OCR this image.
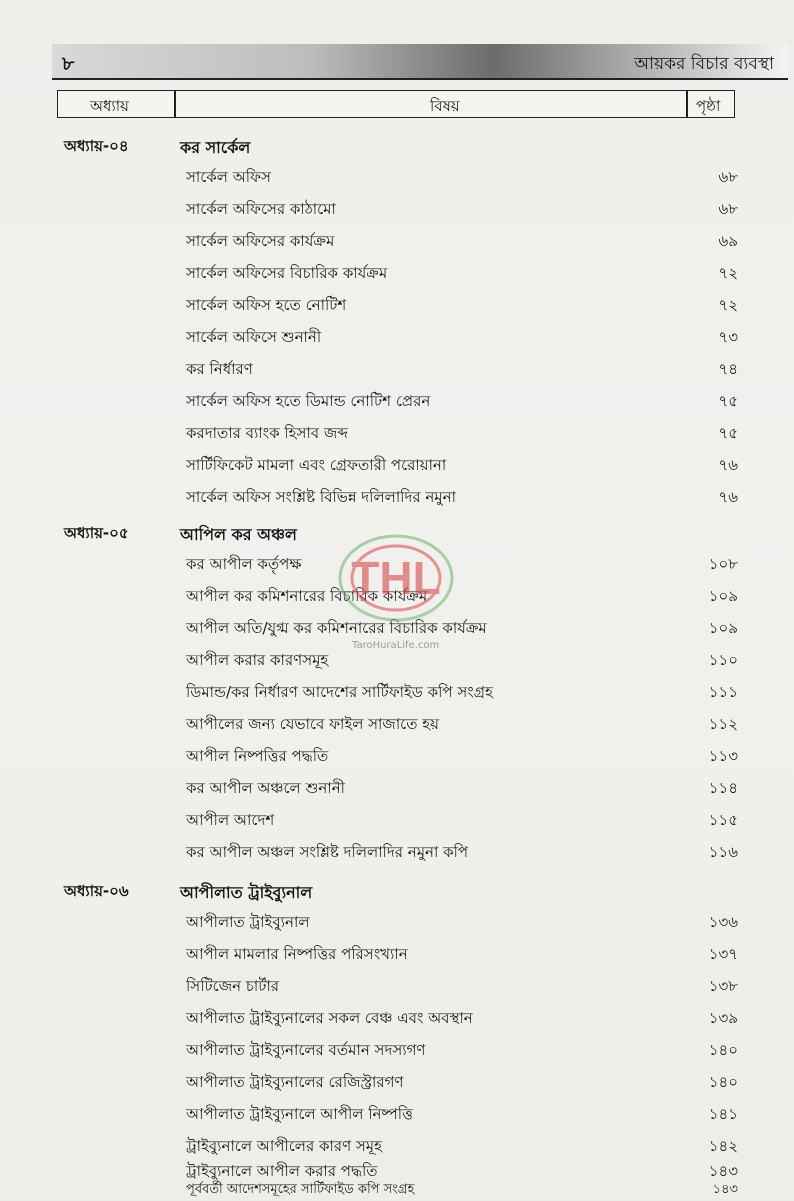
৮	আয়কর বিচার ব্যবস্থা
অধ্যায়	বিষয়	পৃষ্ঠা
অধ্যায়-০৪	কর সার্কেল
সার্কেল অফিস	৬৮
সার্কেল অফিসের কাঠামো	৬৮
সার্কেল অফিসের কার্যক্রম	৬৯
সার্কেল অফিসের বিচারিক কার্যক্রম	৭২
সার্কেল অফিস হতে নোটিশ	৭২
সার্কেল অফিসে শুনানী	৭৩
কর নির্ধারণ	৭৪
সার্কেল অফিস হতে ডিমান্ড নোটিশ প্রেরন	৭৫
করদাতার ব্যাংক হিসাব জব্দ	৭৫
সার্টিফিকেট মামলা এবং গ্রেফতারী পরোয়ানা	৭৬
সার্কেল অফিস সংশ্লিষ্ট বিভিন্ন দলিলাদির নমুনা	৭৬
অধ্যায়-০৫	আপিল কর অঞ্চল
কর আপীল কর্তৃপক্ষ	১০৮
আপীল কর কমিশনারের বিচারিক কার্যক্রম	১০৯
আপীল অতি/যুগ্ম কর কমিশনারের বিচারিক কার্যক্রম	১০৯
আপীল করার কারণসমূহ	১১০
ডিমান্ড/কর নির্ধারণ আদেশের সার্টিফাইড কপি সংগ্রহ	১১১
আপীলের জন্য যেভাবে ফাইল সাজাতে হয়	১১২
আপীল নিষ্পত্তির পদ্ধতি	১১৩
কর আপীল অঞ্চলে শুনানী	১১৪
আপীল আদেশ	১১৫
কর আপীল অঞ্চল সংশ্লিষ্ট দলিলাদির নমুনা কপি	১১৬
অধ্যায়-০৬	আপীলাত ট্রাইব্যুনাল
আপীলাত ট্রাইব্যুনাল	১৩৬
আপীল মামলার নিষ্পত্তির পরিসংখ্যান	১৩৭
সিটিজেন চার্টার	১৩৮
আপীলাত ট্রাইব্যুনালের সকল বেঞ্চ এবং অবস্থান	১৩৯
আপীলাত ট্রাইব্যুনালের বর্তমান সদস্যগণ	১৪০
আপীলাত ট্রাইব্যুনালের রেজিস্ট্রারগণ	১৪০
আপীলাত ট্রাইব্যুনালে আপীল নিষ্পত্তি	১৪১
ট্রাইব্যুনালে আপীলের কারণ সমূহ	১৪২
ট্রাইব্যুনালে আপীল করার পদ্ধতি	১৪৩
পূর্ববর্তী আদেশসমূহের সার্টিফাইড কপি সংগ্রহ	১৪৩
THL
TaroHuraLife.com
